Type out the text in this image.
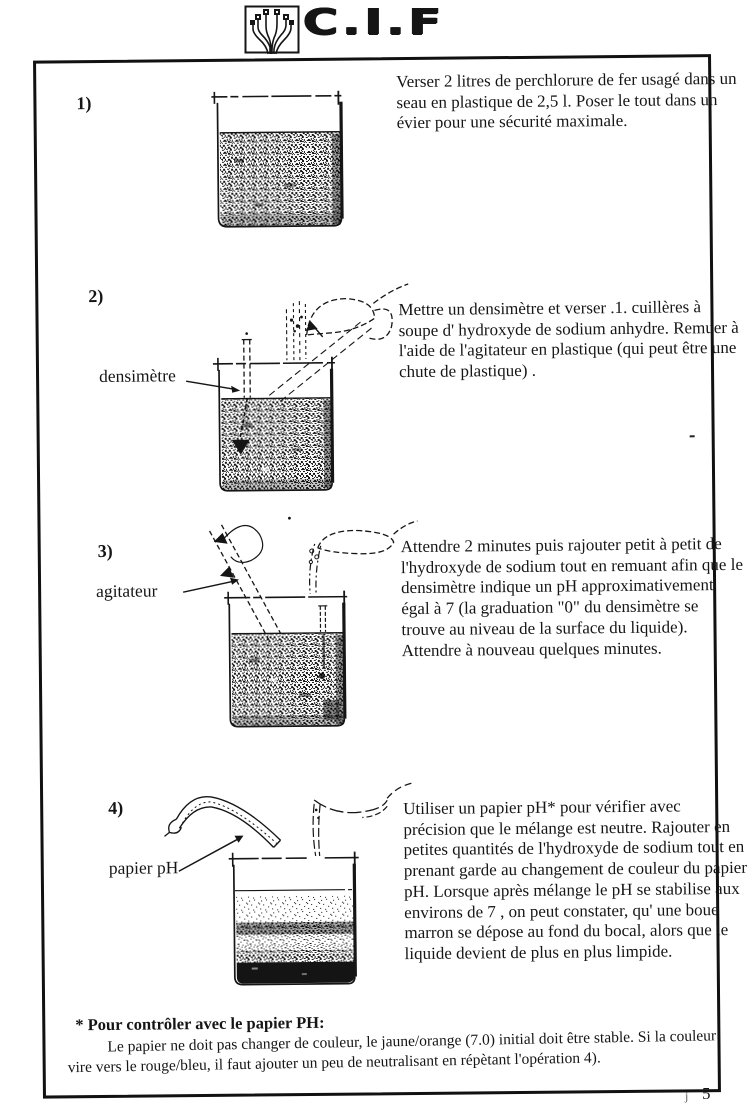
C.I.F
1)

Verser 2 litres de perchlorure de fer usagé dans un seau en plastique de 2,5 l. Poser le tout dans un évier pour une sécurité maximale.

2)

Mettre un densimètre et verser .1. cuillères à soupe d' hydroxyde de sodium anhydre. Remuer à l'aide de l'agitateur en plastique (qui peut être une chute de plastique) .

densimètre
3)	Attendre 2 minutes puis rajouter petit à petit de l'hydroxyde de sodium tout en remuant afin que le densimètre indique un pH approximativement égal à 7 (la graduation "0" du densimètre se trouve au niveau de la surface du liquide). Attendre à nouveau quelques minutes.

agitateur
4)	Utiliser un papier pH* pour vérifier avec précision que le mélange est neutre. Rajouter en petites quantités de l'hydroxyde de sodium tout en prenant garde au changement de couleur du papier pH. Lorsque après mélange le pH se stabilise aux environs de 7 , on peut constater, qu' une boue marron se dépose au fond du bocal, alors que le liquide devient de plus en plus limpide.

papier pH
* Pour contrôler avec le papier PH:

Le papier ne doit pas changer de couleur, le jaune/orange (7.0) initial doit être stable. Si la couleur vire vers le rouge/bleu, il faut ajouter un peu de neutralisant en répètant l'opération 4).

j 5
